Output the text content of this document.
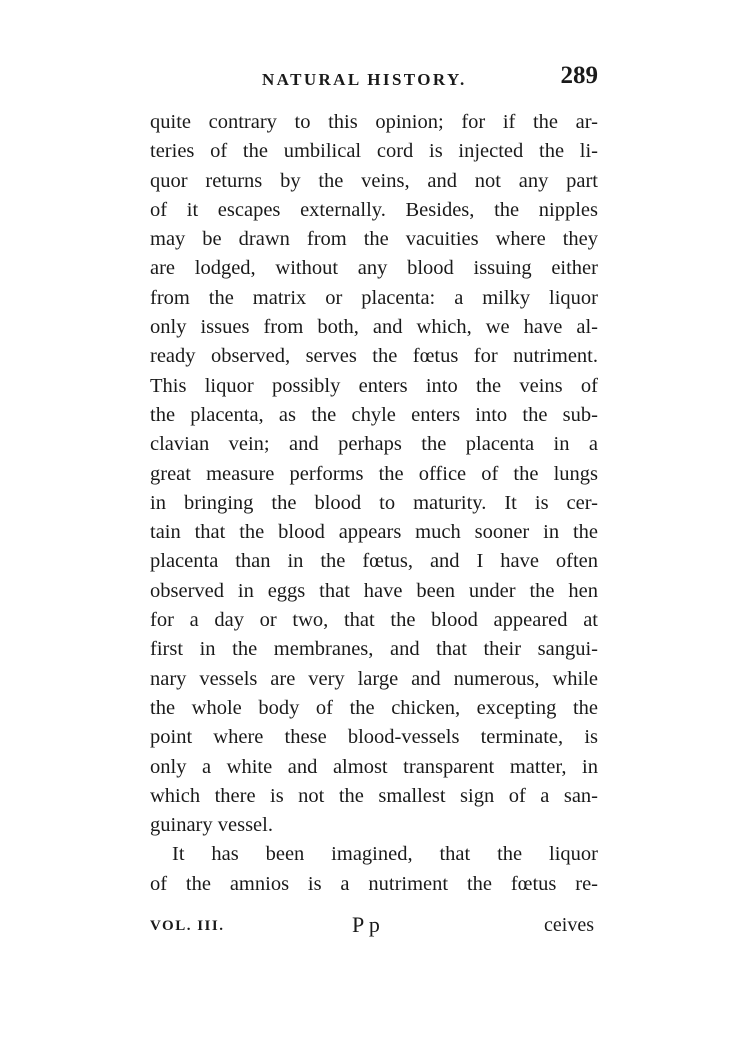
NATURAL HISTORY.	289
quite contrary to this opinion; for if the ar-
teries of the umbilical cord is injected the li-
quor returns by the veins, and not any part
of it escapes externally. Besides, the nipples
may be drawn from the vacuities where they
are lodged, without any blood issuing either
from the matrix or placenta: a milky liquor
only issues from both, and which, we have al-
ready observed, serves the fœtus for nutriment.
This liquor possibly enters into the veins of
the placenta, as the chyle enters into the sub-
clavian vein; and perhaps the placenta in a
great measure performs the office of the lungs
in bringing the blood to maturity. It is cer-
tain that the blood appears much sooner in the
placenta than in the fœtus, and I have often
observed in eggs that have been under the hen
for a day or two, that the blood appeared at
first in the membranes, and that their sangui-
nary vessels are very large and numerous, while
the whole body of the chicken, excepting the
point where these blood-vessels terminate, is
only a white and almost transparent matter, in
which there is not the smallest sign of a san-
guinary vessel.
It has been imagined, that the liquor
of the amnios is a nutriment the fœtus re-
VOL. III.	P p	ceives
